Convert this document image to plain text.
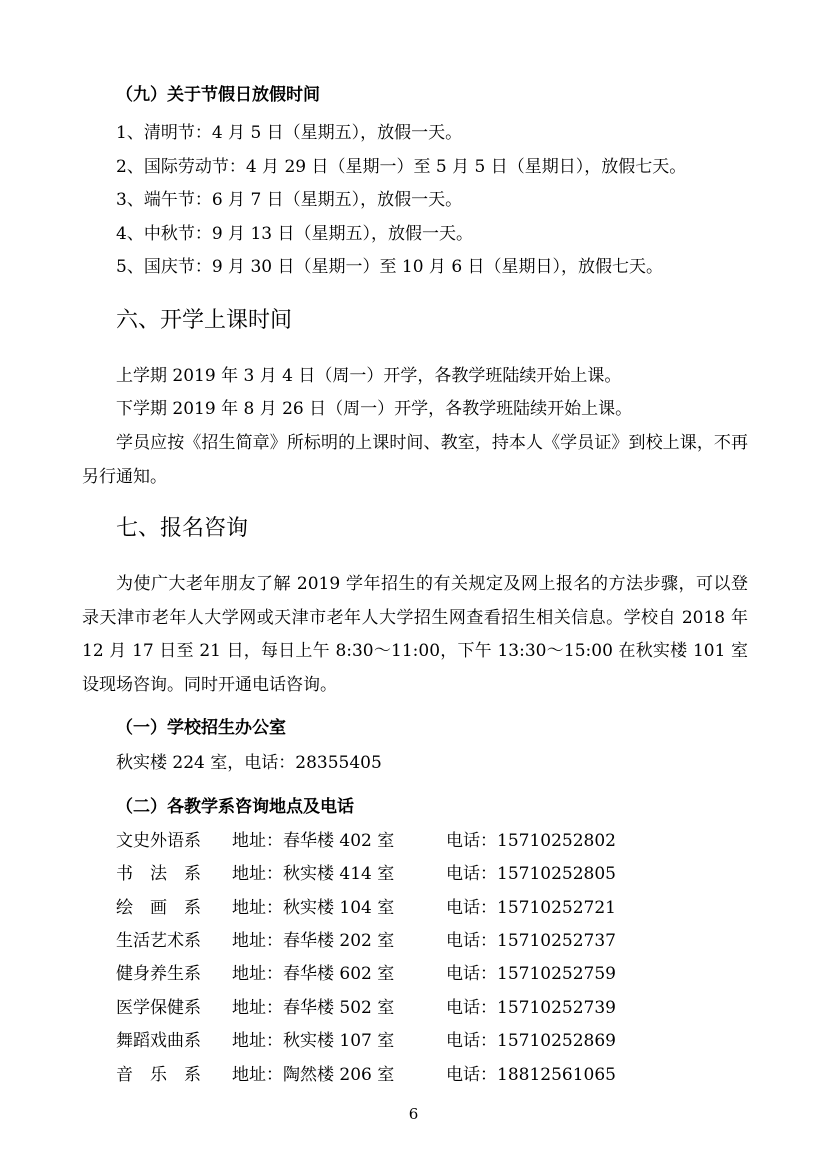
（九）关于节假日放假时间
1、清明节：4 月 5 日（星期五），放假一天。
2、国际劳动节：4 月 29 日（星期一）至 5 月 5 日（星期日），放假七天。
3、端午节：6 月 7 日（星期五），放假一天。
4、中秋节：9 月 13 日（星期五），放假一天。
5、国庆节：9 月 30 日（星期一）至 10 月 6 日（星期日），放假七天。
六、开学上课时间
上学期 2019 年 3 月 4 日（周一）开学，各教学班陆续开始上课。
下学期 2019 年 8 月 26 日（周一）开学，各教学班陆续开始上课。
学员应按《招生简章》所标明的上课时间、教室，持本人《学员证》到校上课，不再另行通知。
七、报名咨询
为使广大老年朋友了解 2019 学年招生的有关规定及网上报名的方法步骤，可以登录天津市老年人大学网或天津市老年人大学招生网查看招生相关信息。学校自 2018 年 12 月 17 日至 21 日，每日上午 8:30～11:00，下午 13:30～15:00 在秋实楼 101 室设现场咨询。同时开通电话咨询。
（一）学校招生办公室
秋实楼 224 室，电话：28355405
（二）各教学系咨询地点及电话
文史外语系 地址：春华楼 402 室	电话：15710252802
书　法　系 地址：秋实楼 414 室	电话：15710252805
绘　画　系 地址：秋实楼 104 室	电话：15710252721
生活艺术系 地址：春华楼 202 室	电话：15710252737
健身养生系 地址：春华楼 602 室	电话：15710252759
医学保健系 地址：春华楼 502 室	电话：15710252739
舞蹈戏曲系 地址：秋实楼 107 室	电话：15710252869
音　乐　系 地址：陶然楼 206 室	电话：18812561065
6
